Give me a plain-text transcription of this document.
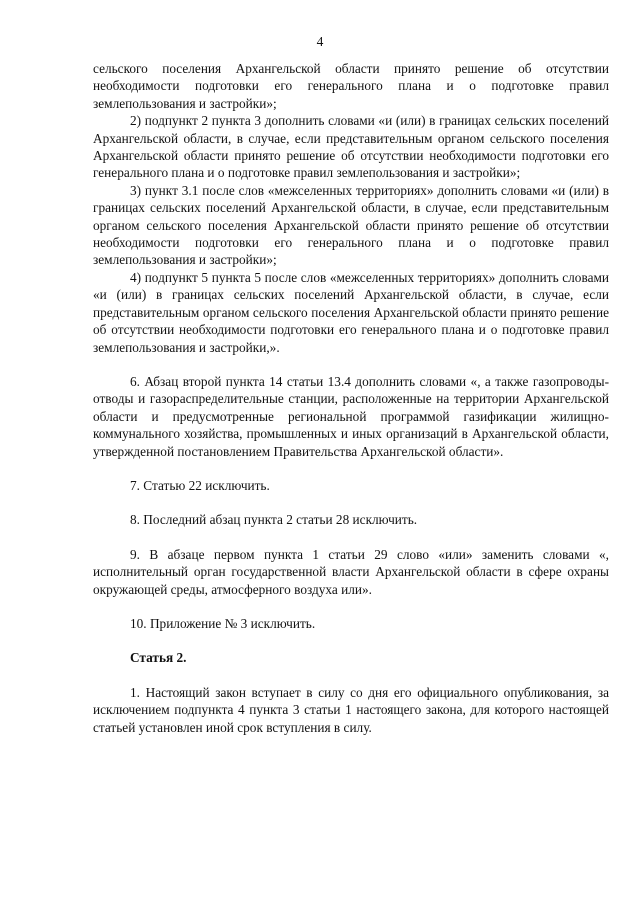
4

сельского поселения Архангельской области принято решение об отсутствии необходимости подготовки его генерального плана и о подготовке правил землепользования и застройки»;

2) подпункт 2 пункта 3 дополнить словами «и (или) в границах сельских поселений Архангельской области, в случае, если представительным органом сельского поселения Архангельской области принято решение об отсутствии необходимости подготовки его генерального плана и о подготовке правил землепользования и застройки»;

3) пункт 3.1 после слов «межселенных территориях» дополнить словами «и (или) в границах сельских поселений Архангельской области, в случае, если представительным органом сельского поселения Архангельской области принято решение об отсутствии необходимости подготовки его генерального плана и о подготовке правил землепользования и застройки»;

4) подпункт 5 пункта 5 после слов «межселенных территориях» дополнить словами «и (или) в границах сельских поселений Архангельской области, в случае, если представительным органом сельского поселения Архангельской области принято решение об отсутствии необходимости подготовки его генерального плана и о подготовке правил землепользования и застройки,».

6. Абзац второй пункта 14 статьи 13.4 дополнить словами «, а также газопроводы-отводы и газораспределительные станции, расположенные на территории Архангельской области и предусмотренные региональной программой газификации жилищно-коммунального хозяйства, промышленных и иных организаций в Архангельской области, утвержденной постановлением Правительства Архангельской области».

7. Статью 22 исключить.

8. Последний абзац пункта 2 статьи 28 исключить.

9. В абзаце первом пункта 1 статьи 29 слово «или» заменить словами «, исполнительный орган государственной власти Архангельской области в сфере охраны окружающей среды, атмосферного воздуха или».

10. Приложение № 3 исключить.

Статья 2.

1. Настоящий закон вступает в силу со дня его официального опубликования, за исключением подпункта 4 пункта 3 статьи 1 настоящего закона, для которого настоящей статьей установлен иной срок вступления в силу.
